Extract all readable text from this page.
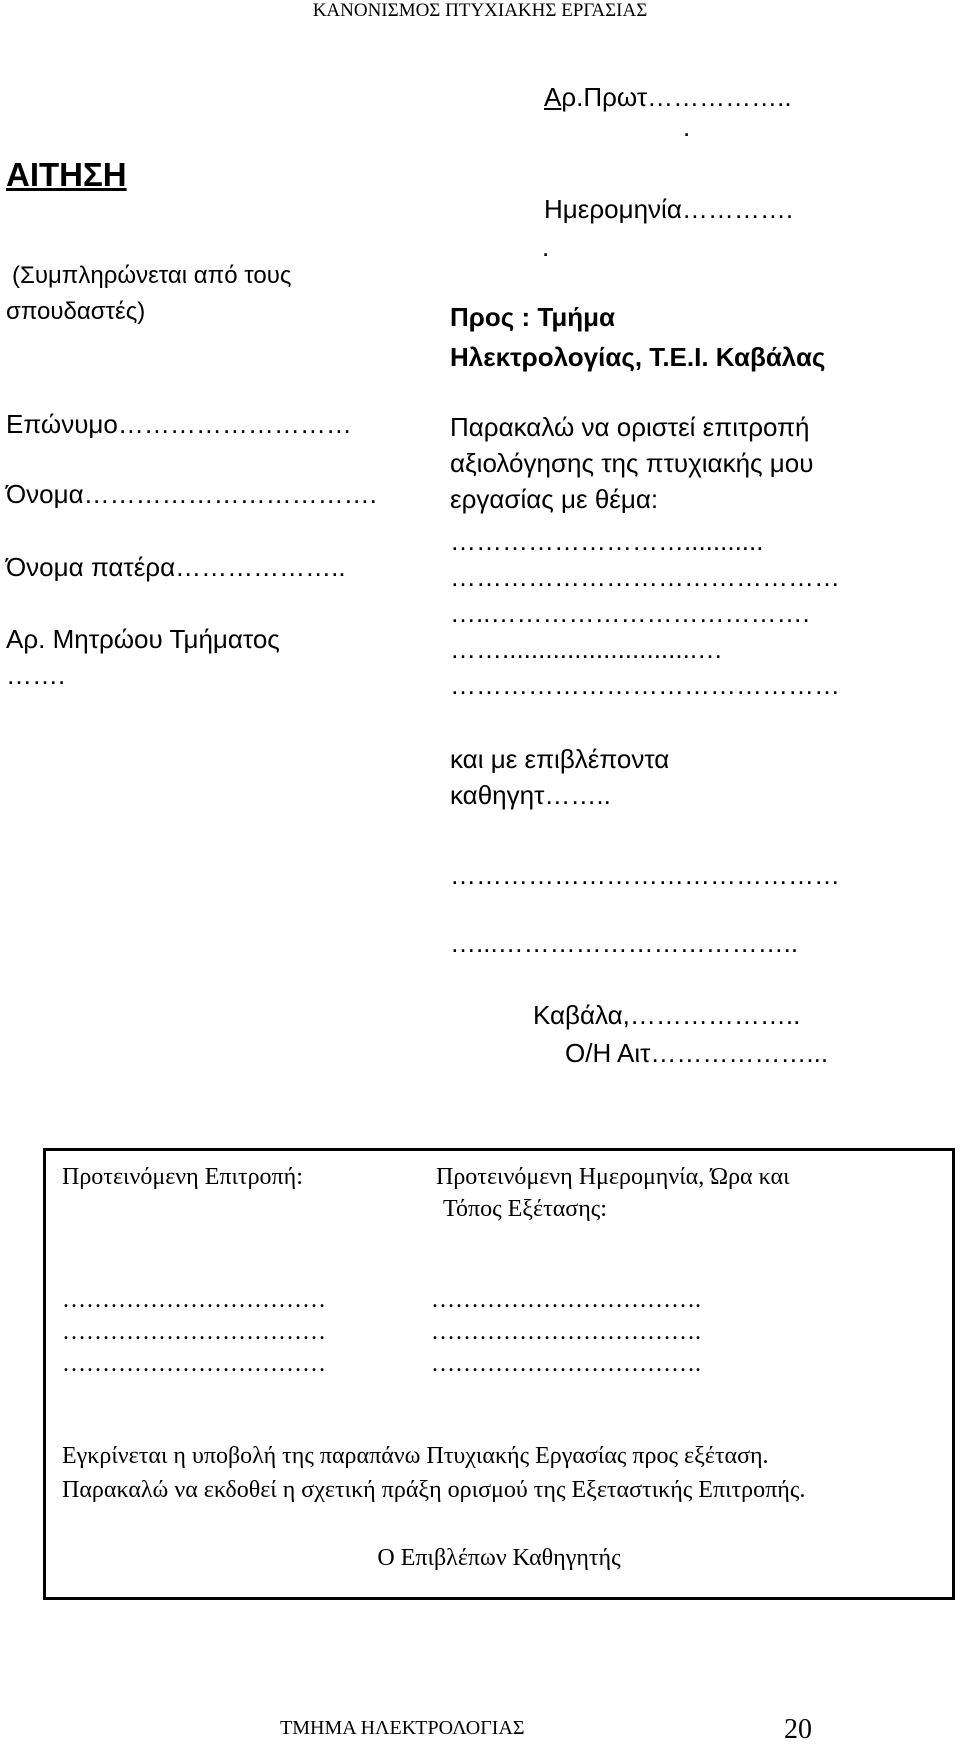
ΚΑΝΟΝΙΣΜΟΣ ΠΤΥΧΙΑΚΗΣ ΕΡΓΑΣΙΑΣ
ΑΙΤΗΣΗ
(Συμπληρώνεται από τους
σπουδαστές)
Επώνυμο………………………
Όνομα…………………………….
Όνομα πατέρα………………..
Αρ. Μητρώου Τμήματος
…….
Αρ.Πρωτ……………..
.
Ημερομηνία………….
.
Προς : Τμήμα
Ηλεκτρολογίας, Τ.Ε.Ι. Καβάλας
Παρακαλώ να οριστεί επιτροπή
αξιολόγησης της πτυχιακής μου
εργασίας με θέμα:
………………………...........
………………………………………
…..……………………………….
……...........................…
………………………………………
και με επιβλέποντα
καθηγητ……..
………………………………………
…...……………………………..
Καβάλα,………………..
Ο/Η Αιτ………………...
Προτεινόμενη Επιτροπή:	Προτεινόμενη Ημερομηνία, Ώρα και
Τόπος Εξέτασης:
……………………………
……………………………
……………………………
…………………………….
…………………………….
…………………………….
Εγκρίνεται η υποβολή της παραπάνω Πτυχιακής Εργασίας προς εξέταση.
Παρακαλώ να εκδοθεί η σχετική πράξη ορισμού της Εξεταστικής Επιτροπής.
Ο Επιβλέπων Καθηγητής
ΤΜΗΜΑ ΗΛΕΚΤΡΟΛΟΓΙΑΣ	20
